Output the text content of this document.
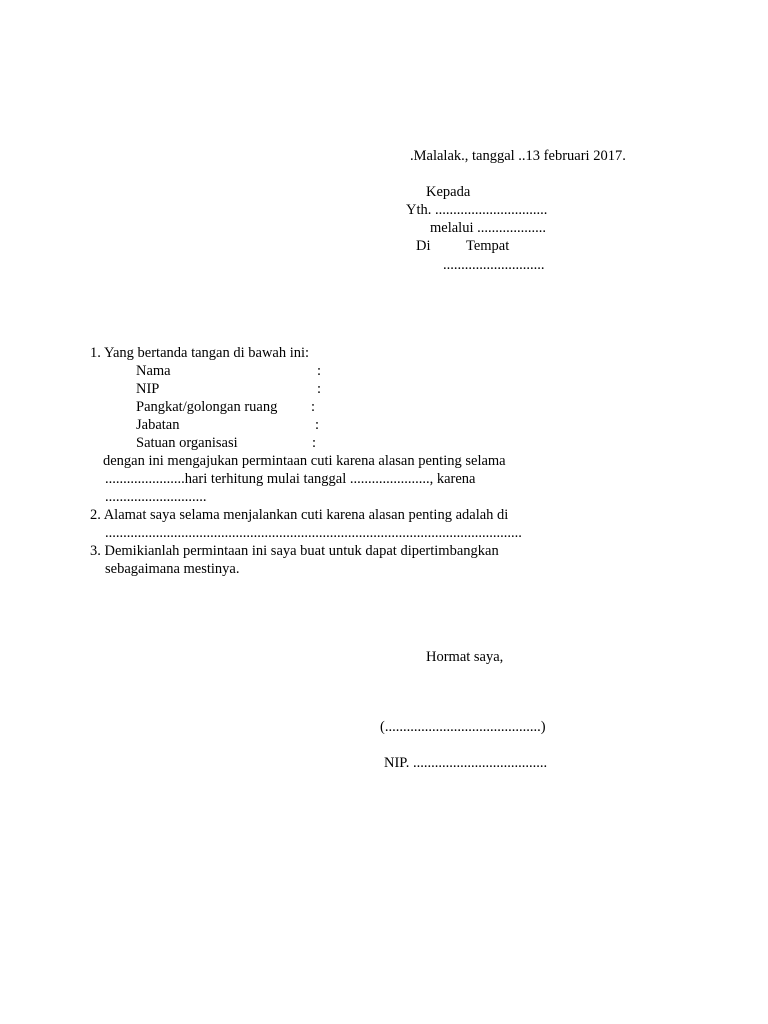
.Malalak., tanggal ..13 februari 2017.
Kepada
Yth. ...............................
melalui ...................
Di Tempat
............................
1. Yang bertanda tangan di bawah ini:
Nama	:
NIP	:
Pangkat/golongan ruang :
Jabatan	:
Satuan organisasi	:
dengan ini mengajukan permintaan cuti karena alasan penting selama
......................hari terhitung mulai tanggal ......................, karena
............................
2. Alamat saya selama menjalankan cuti karena alasan penting adalah di
...................................................................................................................
3. Demikianlah permintaan ini saya buat untuk dapat dipertimbangkan
sebagaimana mestinya.
Hormat saya,
(...........................................)
NIP. .....................................
